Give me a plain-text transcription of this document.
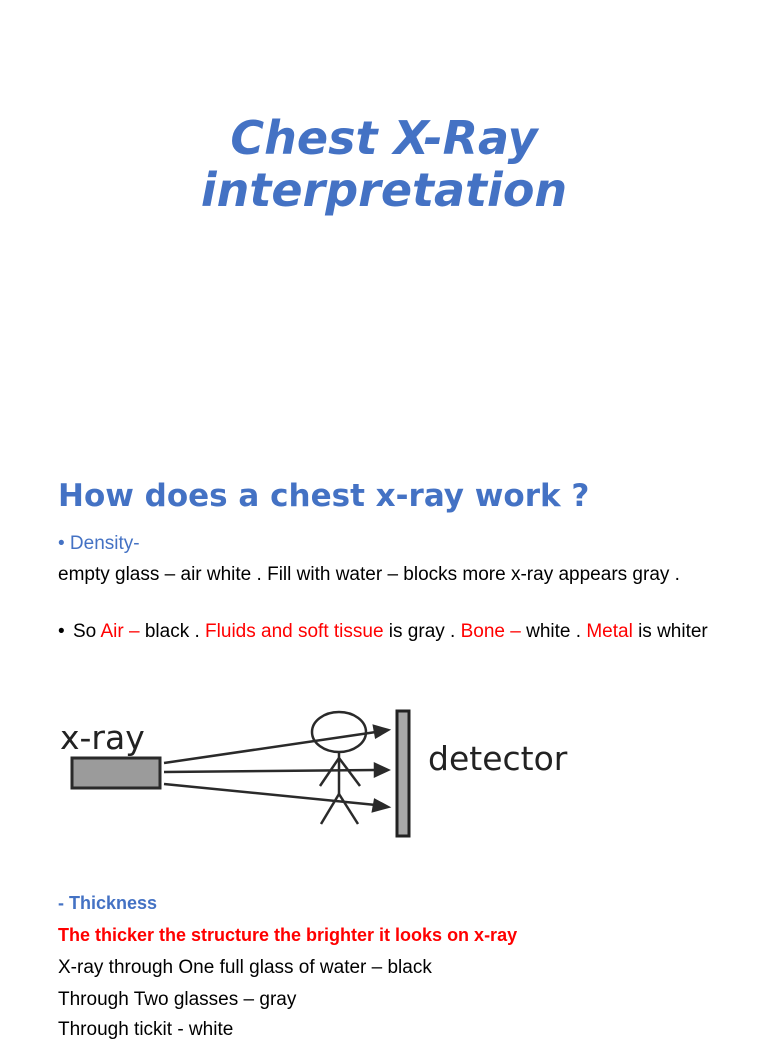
Chest X-Ray
interpretation
How does a chest x-ray work ?
• Density-
empty glass – air white . Fill with water – blocks more x-ray appears gray .
• So Air – black . Fluids and soft tissue is gray . Bone – white . Metal is whiter
x-ray
detector
- Thickness
The thicker the structure the brighter it looks on x-ray
X-ray through One full glass of water – black
Through Two glasses – gray
Through tickit - white
